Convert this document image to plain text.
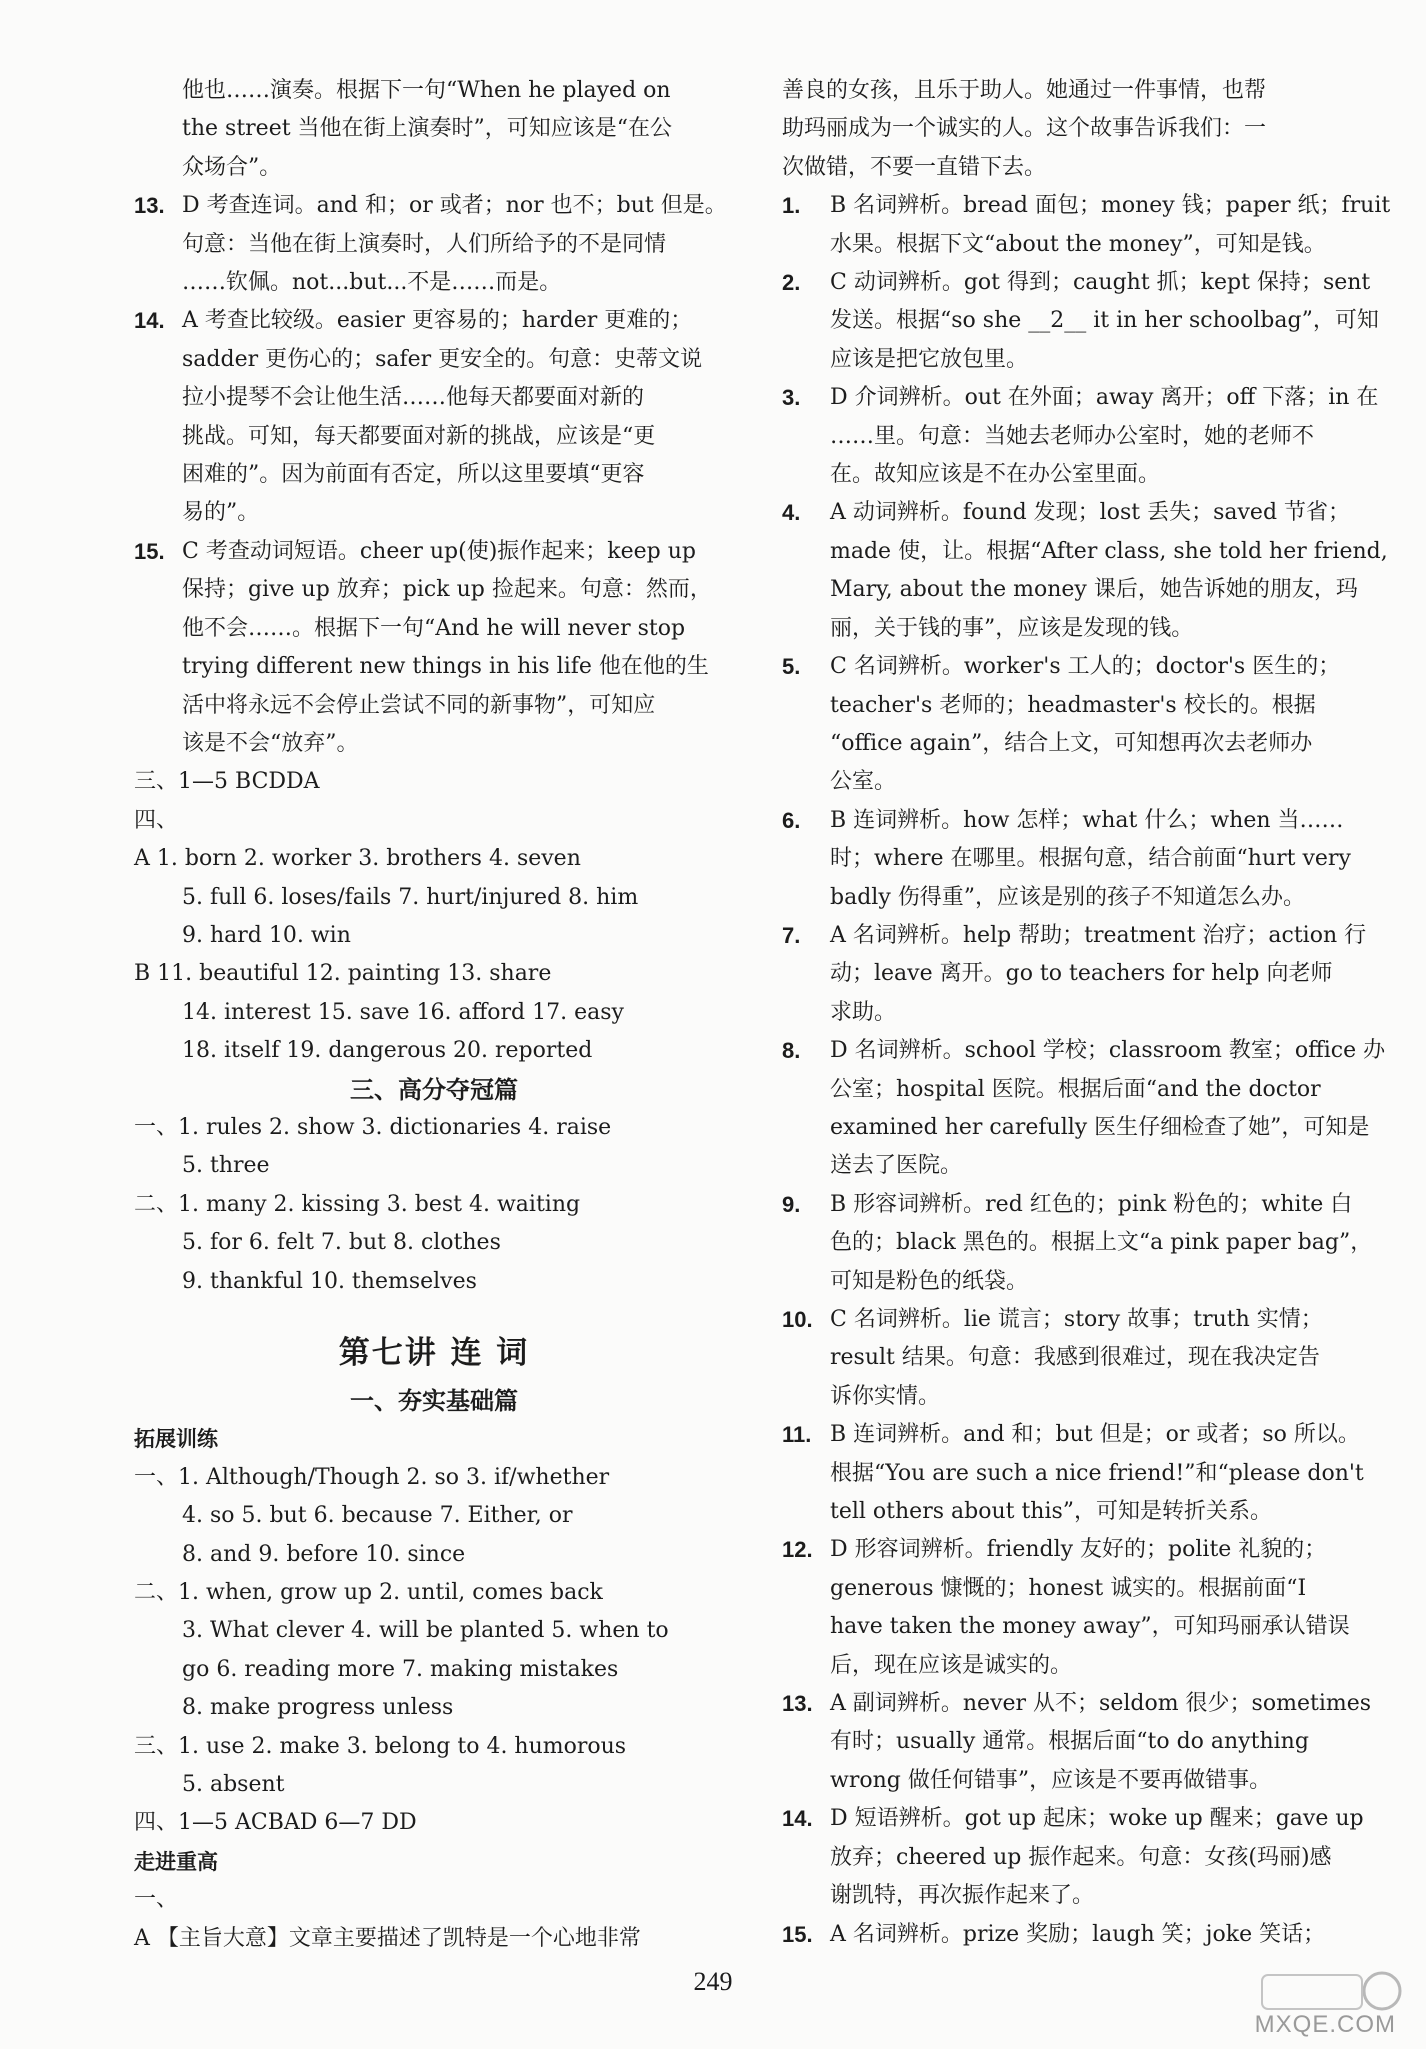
他也……演奏。根据下一句“When he played on
the street 当他在街上演奏时”，可知应该是“在公
众场合”。
13. D 考查连词。and 和；or 或者；nor 也不；but 但是。
句意：当他在街上演奏时，人们所给予的不是同情
……钦佩。not...but...不是……而是。
14. A 考查比较级。easier 更容易的；harder 更难的；
sadder 更伤心的；safer 更安全的。句意：史蒂文说
拉小提琴不会让他生活……他每天都要面对新的
挑战。可知，每天都要面对新的挑战，应该是“更
困难的”。因为前面有否定，所以这里要填“更容
易的”。
15. C 考查动词短语。cheer up(使)振作起来；keep up
保持；give up 放弃；pick up 捡起来。句意：然而，
他不会……。根据下一句“And he will never stop
trying different new things in his life 他在他的生
活中将永远不会停止尝试不同的新事物”，可知应
该是不会“放弃”。
三、1—5 BCDDA
四、
A 1. born 2. worker 3. brothers 4. seven
5. full 6. loses/fails 7. hurt/injured 8. him
9. hard 10. win
B 11. beautiful 12. painting 13. share
14. interest 15. save 16. afford 17. easy
18. itself 19. dangerous 20. reported
三、高分夺冠篇
一、1. rules 2. show 3. dictionaries 4. raise
5. three
二、1. many 2. kissing 3. best 4. waiting
5. for 6. felt 7. but 8. clothes
9. thankful 10. themselves
第七讲 连 词
一、夯实基础篇
拓展训练
一、1. Although/Though 2. so 3. if/whether
4. so 5. but 6. because 7. Either, or
8. and 9. before 10. since
二、1. when, grow up 2. until, comes back
3. What clever 4. will be planted 5. when to
go 6. reading more 7. making mistakes
8. make progress unless
三、1. use 2. make 3. belong to 4. humorous
5. absent
四、1—5 ACBAD 6—7 DD
走进重高
一、
A 【主旨大意】文章主要描述了凯特是一个心地非常
善良的女孩，且乐于助人。她通过一件事情，也帮
助玛丽成为一个诚实的人。这个故事告诉我们：一
次做错，不要一直错下去。
1. B 名词辨析。bread 面包；money 钱；paper 纸；fruit
水果。根据下文“about the money”，可知是钱。
2. C 动词辨析。got 得到；caught 抓；kept 保持；sent
发送。根据“so she __2__ it in her schoolbag”，可知
应该是把它放包里。
3. D 介词辨析。out 在外面；away 离开；off 下落；in 在
……里。句意：当她去老师办公室时，她的老师不
在。故知应该是不在办公室里面。
4. A 动词辨析。found 发现；lost 丢失；saved 节省；
made 使，让。根据“After class, she told her friend,
Mary, about the money 课后，她告诉她的朋友，玛
丽，关于钱的事”，应该是发现的钱。
5. C 名词辨析。worker's 工人的；doctor's 医生的；
teacher's 老师的；headmaster's 校长的。根据
“office again”，结合上文，可知想再次去老师办
公室。
6. B 连词辨析。how 怎样；what 什么；when 当……
时；where 在哪里。根据句意，结合前面“hurt very
badly 伤得重”，应该是别的孩子不知道怎么办。
7. A 名词辨析。help 帮助；treatment 治疗；action 行
动；leave 离开。go to teachers for help 向老师
求助。
8. D 名词辨析。school 学校；classroom 教室；office 办
公室；hospital 医院。根据后面“and the doctor
examined her carefully 医生仔细检查了她”，可知是
送去了医院。
9. B 形容词辨析。red 红色的；pink 粉色的；white 白
色的；black 黑色的。根据上文“a pink paper bag”，
可知是粉色的纸袋。
10. C 名词辨析。lie 谎言；story 故事；truth 实情；
result 结果。句意：我感到很难过，现在我决定告
诉你实情。
11. B 连词辨析。and 和；but 但是；or 或者；so 所以。
根据“You are such a nice friend!”和“please don't
tell others about this”，可知是转折关系。
12. D 形容词辨析。friendly 友好的；polite 礼貌的；
generous 慷慨的；honest 诚实的。根据前面“I
have taken the money away”，可知玛丽承认错误
后，现在应该是诚实的。
13. A 副词辨析。never 从不；seldom 很少；sometimes
有时；usually 通常。根据后面“to do anything
wrong 做任何错事”，应该是不要再做错事。
14. D 短语辨析。got up 起床；woke up 醒来；gave up
放弃；cheered up 振作起来。句意：女孩(玛丽)感
谢凯特，再次振作起来了。
15. A 名词辨析。prize 奖励；laugh 笑；joke 笑话；
249
MXQE.COM
